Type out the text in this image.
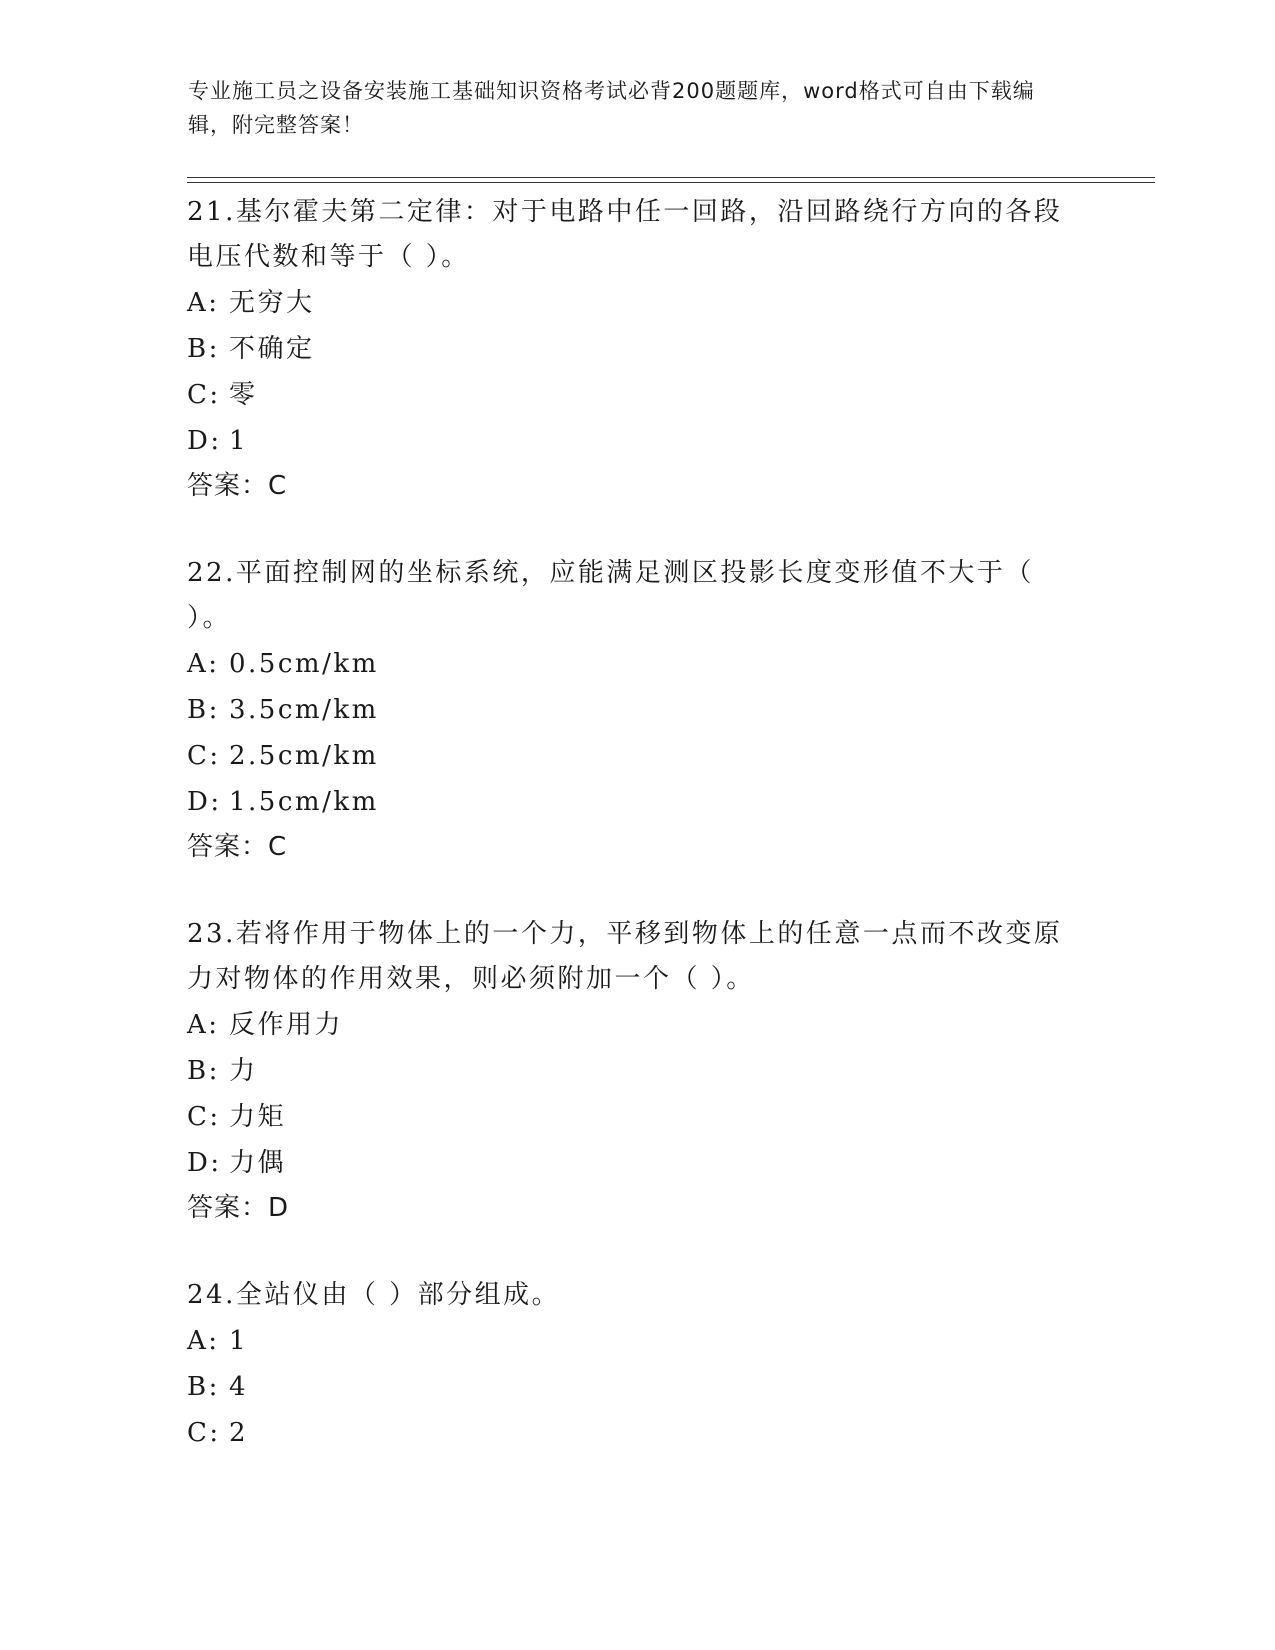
专业施工员之设备安装施工基础知识资格考试必背200题题库，word格式可自由下载编辑，附完整答案！
21.基尔霍夫第二定律：对于电路中任一回路，沿回路绕行方向的各段电压代数和等于（ ）。
A: 无穷大
B: 不确定
C: 零
D: 1
答案：C
22.平面控制网的坐标系统，应能满足测区投影长度变形值不大于（ ）。
A: 0.5cm/km
B: 3.5cm/km
C: 2.5cm/km
D: 1.5cm/km
答案：C
23.若将作用于物体上的一个力，平移到物体上的任意一点而不改变原力对物体的作用效果，则必须附加一个（ ）。
A: 反作用力
B: 力
C: 力矩
D: 力偶
答案：D
24.全站仪由（ ）部分组成。
A: 1
B: 4
C: 2
